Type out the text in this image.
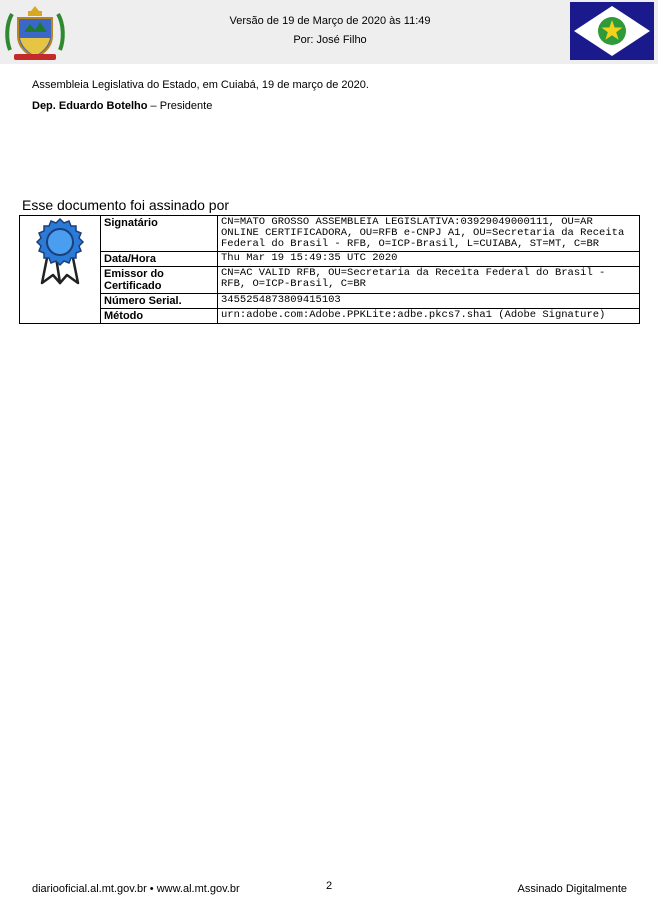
Versão de 19 de Março de 2020 às 11:49
Por: José Filho
Assembleia Legislativa do Estado, em Cuiabá, 19 de março de 2020.
Dep. Eduardo Botelho – Presidente
Esse documento foi assinado por
	Signatário	CN=MATO GROSSO ASSEMBLEIA LEGISLATIVA:03929049000111, OU=AR ONLINE CERTIFICADORA, OU=RFB e-CNPJ A1, OU=Secretaria da Receita Federal do Brasil - RFB, O=ICP-Brasil, L=CUIABA, ST=MT, C=BR
	Data/Hora	Thu Mar 19 15:49:35 UTC 2020
	Emissor do Certificado	CN=AC VALID RFB, OU=Secretaria da Receita Federal do Brasil - RFB, O=ICP-Brasil, C=BR
	Número Serial.	3455254873809415103
	Método	urn:adobe.com:Adobe.PPKLite:adbe.pkcs7.sha1 (Adobe Signature)
diariooficial.al.mt.gov.br • www.al.mt.gov.br	2	Assinado Digitalmente
